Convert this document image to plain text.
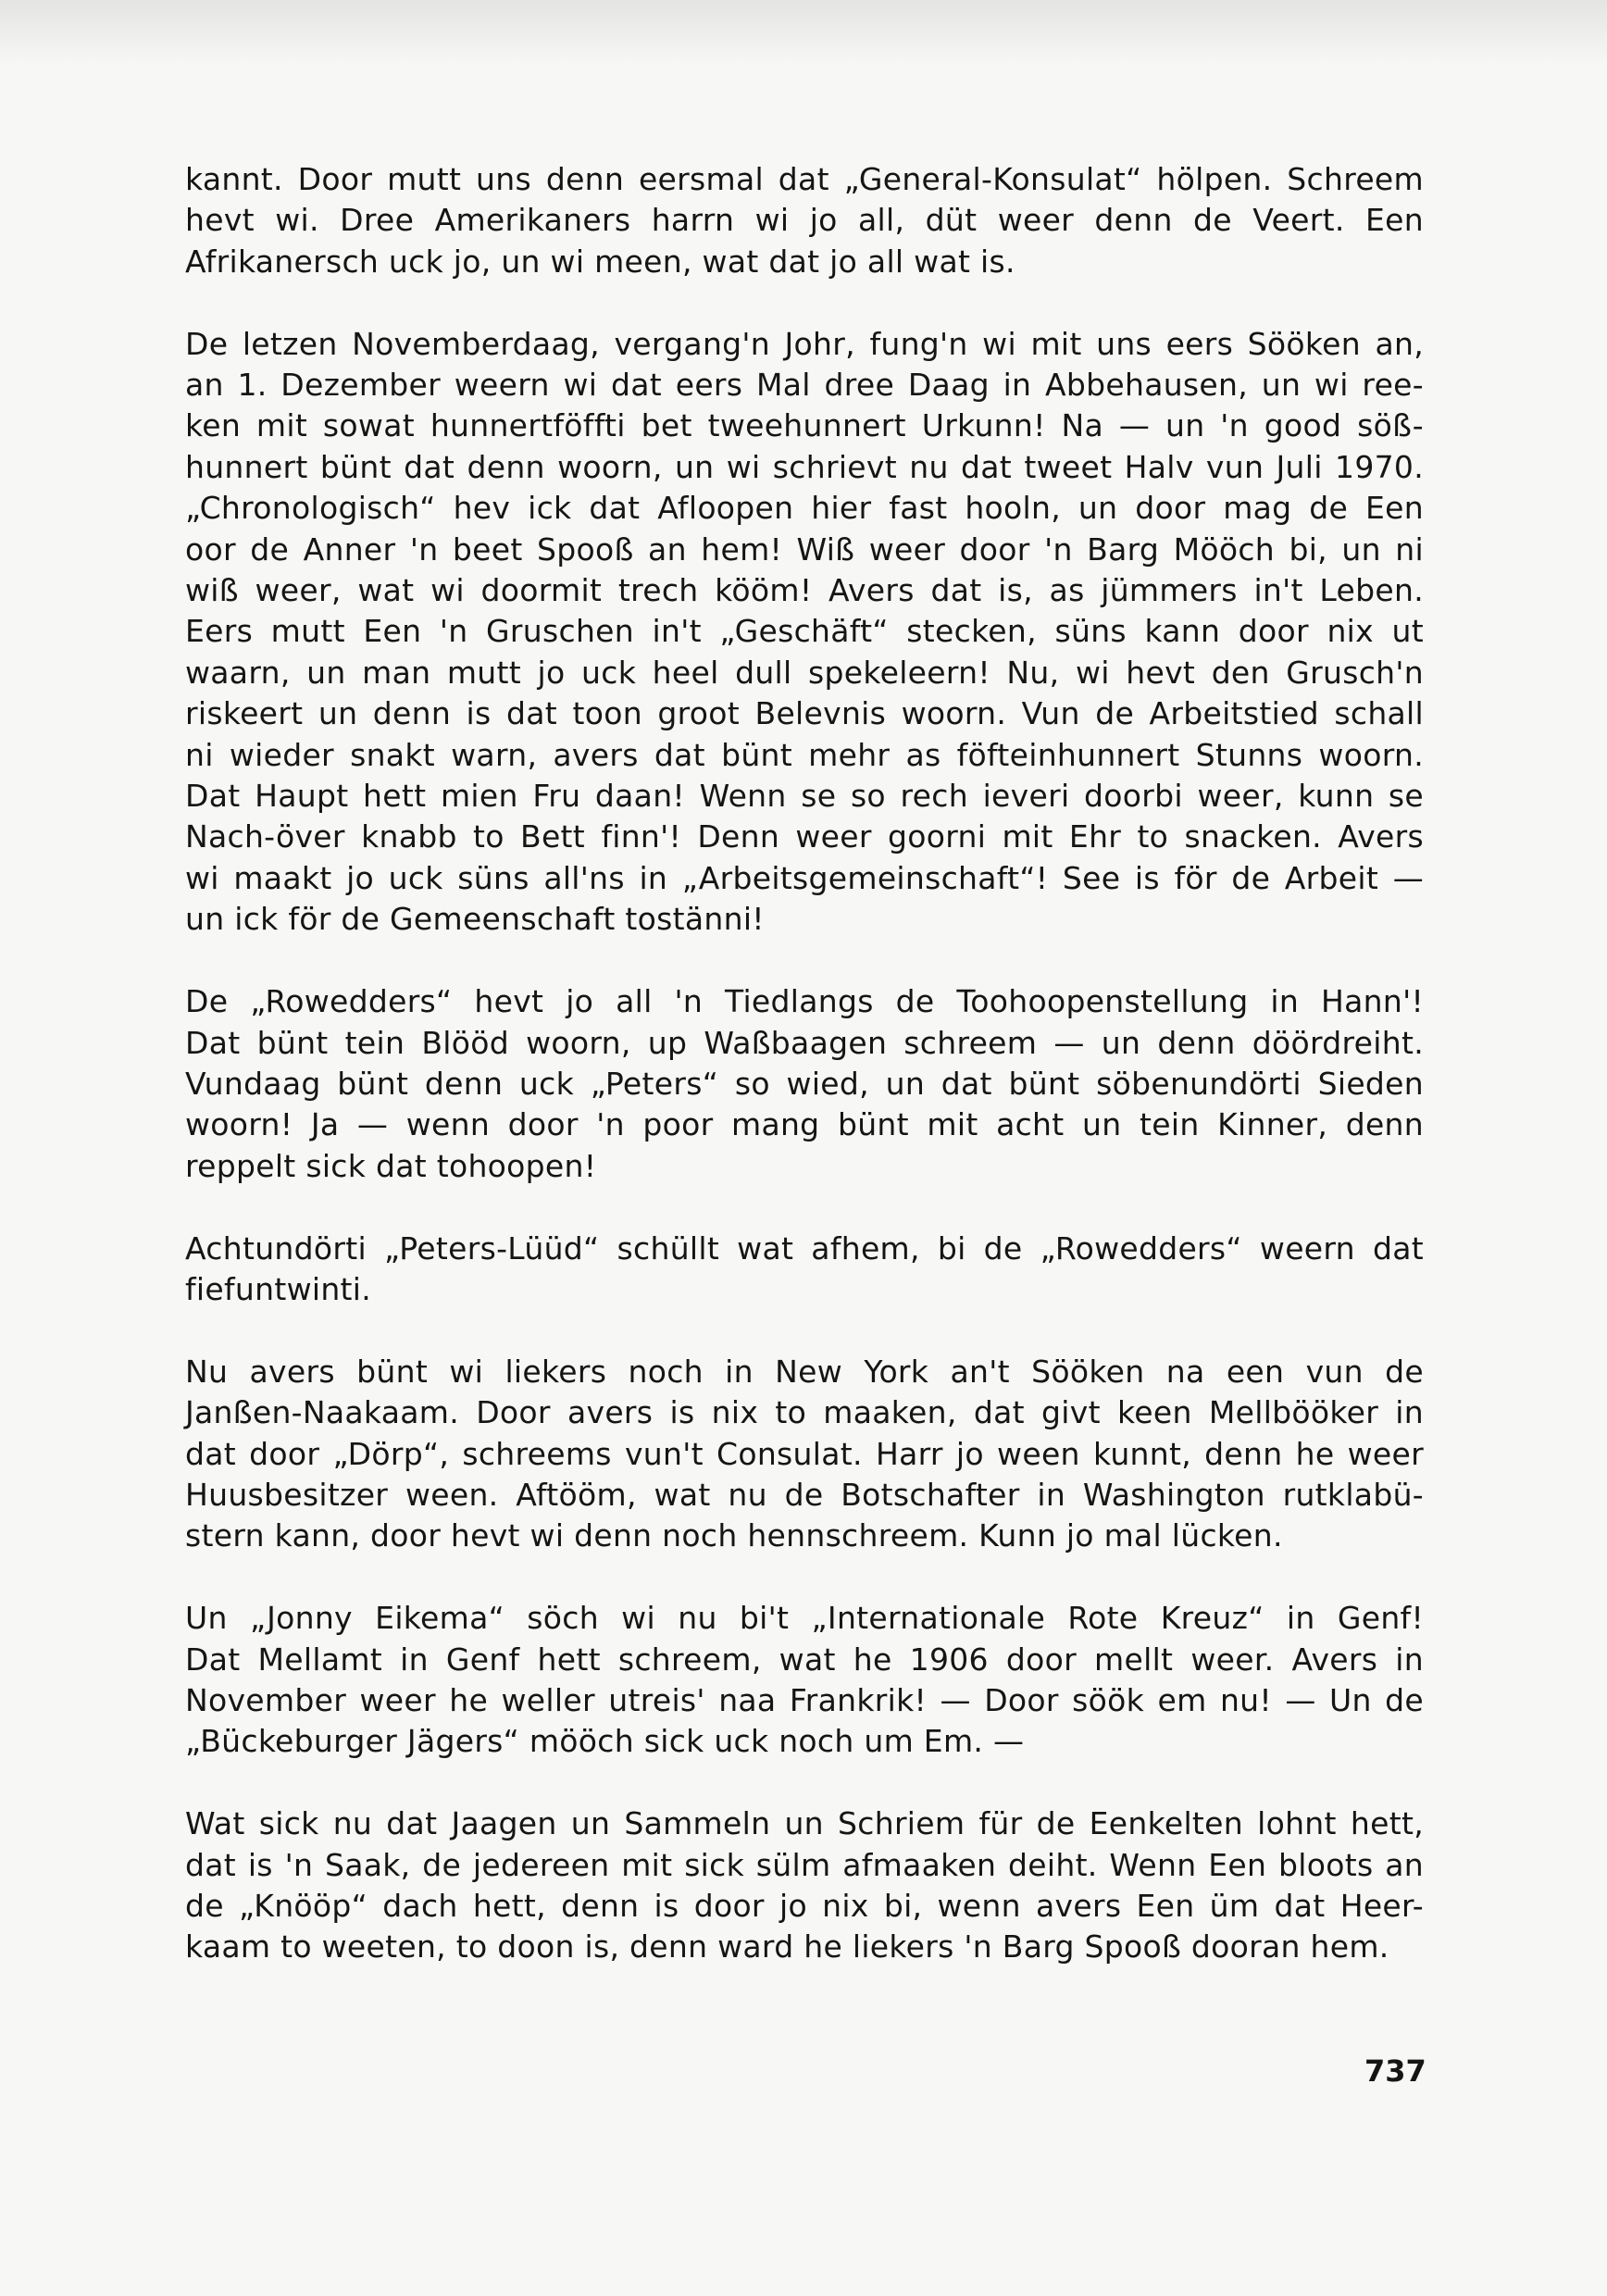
kannt. Door mutt uns denn eersmal dat „General-Konsulat“ hölpen. Schreem
hevt wi. Dree Amerikaners harrn wi jo all, düt weer denn de Veert. Een
Afrikanersch uck jo, un wi meen, wat dat jo all wat is.
De letzen Novemberdaag, vergang'n Johr, fung'n wi mit uns eers Sööken an,
an 1. Dezember weern wi dat eers Mal dree Daag in Abbehausen, un wi ree-
ken mit sowat hunnertföffti bet tweehunnert Urkunn! Na — un 'n good söß-
hunnert bünt dat denn woorn, un wi schrievt nu dat tweet Halv vun Juli 1970.
„Chronologisch“ hev ick dat Afloopen hier fast hooln, un door mag de Een
oor de Anner 'n beet Spooß an hem! Wiß weer door 'n Barg Mööch bi, un ni
wiß weer, wat wi doormit trech kööm! Avers dat is, as jümmers in't Leben.
Eers mutt Een 'n Gruschen in't „Geschäft“ stecken, süns kann door nix ut
waarn, un man mutt jo uck heel dull spekeleern! Nu, wi hevt den Grusch'n
riskeert un denn is dat toon groot Belevnis woorn. Vun de Arbeitstied schall
ni wieder snakt warn, avers dat bünt mehr as föfteinhunnert Stunns woorn.
Dat Haupt hett mien Fru daan! Wenn se so rech ieveri doorbi weer, kunn se
Nach-över knabb to Bett finn'! Denn weer goorni mit Ehr to snacken. Avers
wi maakt jo uck süns all'ns in „Arbeitsgemeinschaft“! See is för de Arbeit —
un ick för de Gemeenschaft tostänni!
De „Rowedders“ hevt jo all 'n Tiedlangs de Toohoopenstellung in Hann'!
Dat bünt tein Blööd woorn, up Waßbaagen schreem — un denn döördreiht.
Vundaag bünt denn uck „Peters“ so wied, un dat bünt söbenundörti Sieden
woorn! Ja — wenn door 'n poor mang bünt mit acht un tein Kinner, denn
reppelt sick dat tohoopen!
Achtundörti „Peters-Lüüd“ schüllt wat afhem, bi de „Rowedders“ weern dat
fiefuntwinti.
Nu avers bünt wi liekers noch in New York an't Sööken na een vun de
Janßen-Naakaam. Door avers is nix to maaken, dat givt keen Mellbööker in
dat door „Dörp“, schreems vun't Consulat. Harr jo ween kunnt, denn he weer
Huusbesitzer ween. Aftööm, wat nu de Botschafter in Washington rutklabü-
stern kann, door hevt wi denn noch hennschreem. Kunn jo mal lücken.
Un „Jonny Eikema“ söch wi nu bi't „Internationale Rote Kreuz“ in Genf!
Dat Mellamt in Genf hett schreem, wat he 1906 door mellt weer. Avers in
November weer he weller utreis' naa Frankrik! — Door söök em nu! — Un de
„Bückeburger Jägers“ mööch sick uck noch um Em. —
Wat sick nu dat Jaagen un Sammeln un Schriem für de Eenkelten lohnt hett,
dat is 'n Saak, de jedereen mit sick sülm afmaaken deiht. Wenn Een bloots an
de „Knööp“ dach hett, denn is door jo nix bi, wenn avers Een üm dat Heer-
kaam to weeten, to doon is, denn ward he liekers 'n Barg Spooß dooran hem.
737
